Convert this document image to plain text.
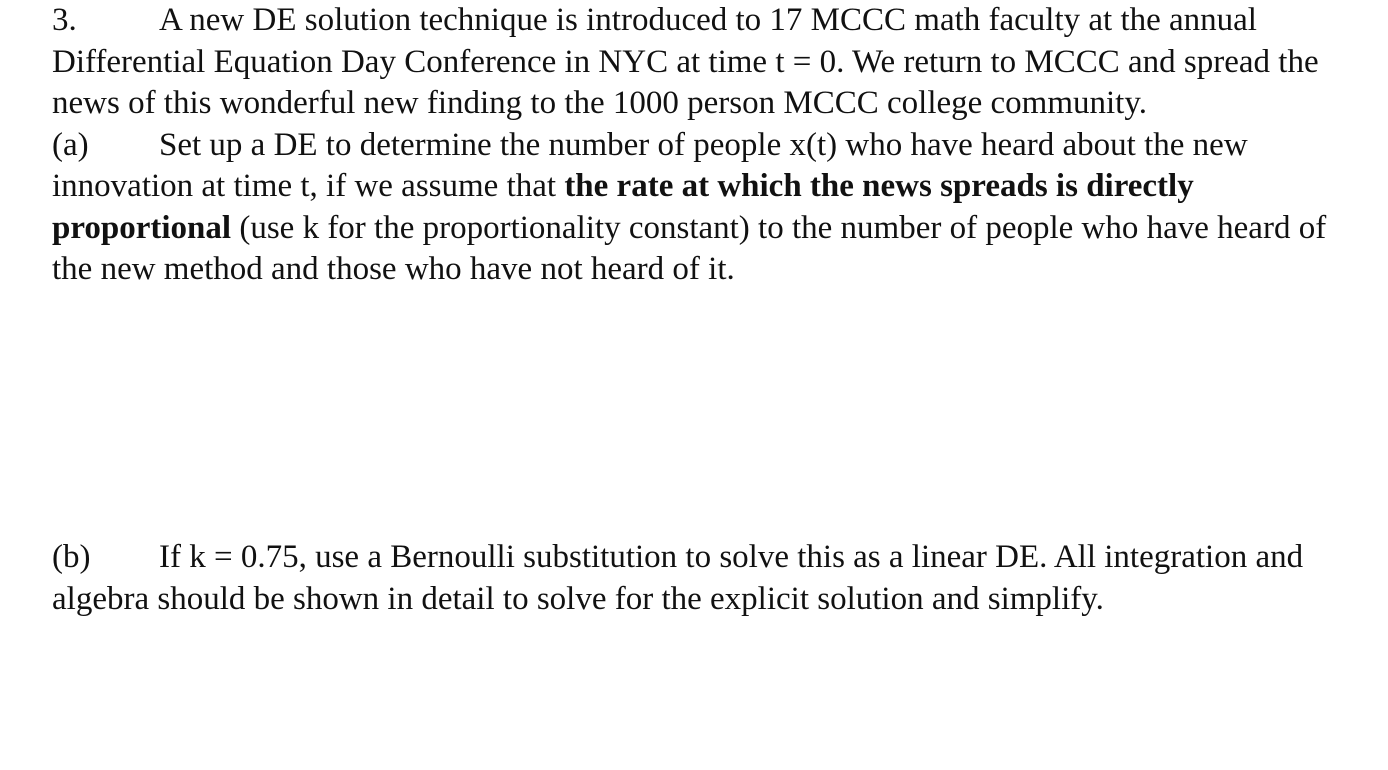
3. A new DE solution technique is introduced to 17 MCCC math faculty at the annual Differential Equation Day Conference in NYC at time t = 0. We return to MCCC and spread the news of this wonderful new finding to the 1000 person MCCC college community.

(a) Set up a DE to determine the number of people x(t) who have heard about the new innovation at time t, if we assume that the rate at which the news spreads is directly proportional (use k for the proportionality constant) to the number of people who have heard of the new method and those who have not heard of it.

(b) If k = 0.75, use a Bernoulli substitution to solve this as a linear DE. All integration and algebra should be shown in detail to solve for the explicit solution and simplify.
